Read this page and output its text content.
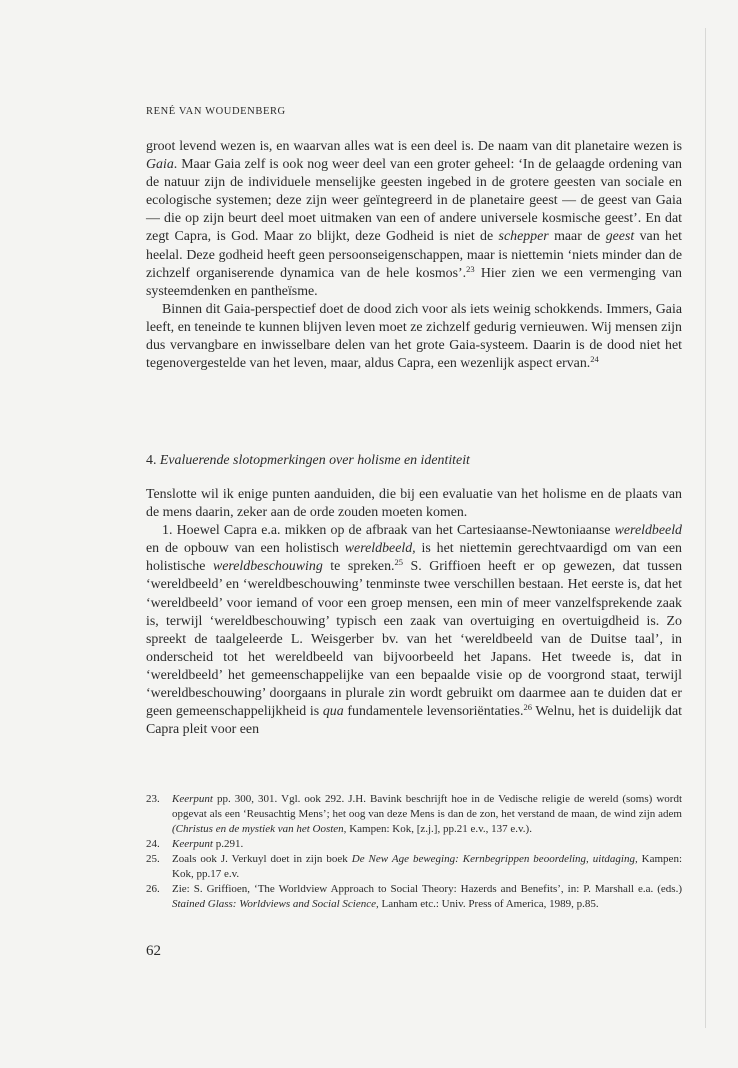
RENÉ VAN WOUDENBERG

groot levend wezen is, en waarvan alles wat is een deel is. De naam van dit planetaire wezen is Gaia. Maar Gaia zelf is ook nog weer deel van een groter geheel: ‘In de gelaagde ordening van de natuur zijn de individuele menselijke geesten ingebed in de grotere geesten van sociale en ecologische systemen; deze zijn weer geïntegreerd in de planetaire geest — de geest van Gaia — die op zijn beurt deel moet uitmaken van een of andere universele kosmische geest’. En dat zegt Capra, is God. Maar zo blijkt, deze Godheid is niet de schepper maar de geest van het heelal. Deze godheid heeft geen persoonseigenschappen, maar is niettemin ‘niets minder dan de zichzelf organiserende dynamica van de hele kosmos’.$^{23}$ Hier zien we een vermenging van systeemdenken en pantheïsme.

Binnen dit Gaia-perspectief doet de dood zich voor als iets weinig schokkends. Immers, Gaia leeft, en teneinde te kunnen blijven leven moet ze zichzelf gedurig vernieuwen. Wij mensen zijn dus vervangbare en inwisselbare delen van het grote Gaia-systeem. Daarin is de dood niet het tegenovergestelde van het leven, maar, aldus Capra, een wezenlijk aspect ervan.$^{24}$

4. Evaluerende slotopmerkingen over holisme en identiteit

Tenslotte wil ik enige punten aanduiden, die bij een evaluatie van het holisme en de plaats van de mens daarin, zeker aan de orde zouden moeten komen.

1. Hoewel Capra e.a. mikken op de afbraak van het Cartesiaanse-Newtoniaanse wereldbeeld en de opbouw van een holistisch wereldbeeld, is het niettemin gerechtvaardigd om van een holistische wereldbeschouwing te spreken.$^{25}$ S. Griffioen heeft er op gewezen, dat tussen ‘wereldbeeld’ en ‘wereldbeschouwing’ tenminste twee verschillen bestaan. Het eerste is, dat het ‘wereldbeeld’ voor iemand of voor een groep mensen, een min of meer vanzelfsprekende zaak is, terwijl ‘wereldbeschouwing’ typisch een zaak van overtuiging en overtuigdheid is. Zo spreekt de taalgeleerde L. Weisgerber bv. van het ‘wereldbeeld van de Duitse taal’, in onderscheid tot het wereldbeeld van bijvoorbeeld het Japans. Het tweede is, dat in ‘wereldbeeld’ het gemeenschappelijke van een bepaalde visie op de voorgrond staat, terwijl ‘wereldbeschouwing’ doorgaans in plurale zin wordt gebruikt om daarmee aan te duiden dat er geen gemeenschappelijkheid is qua fundamentele levensoriëntaties.$^{26}$ Welnu, het is duidelijk dat Capra pleit voor een

23.	Keerpunt pp. 300, 301. Vgl. ook 292. J.H. Bavink beschrijft hoe in de Vedische religie de wereld (soms) wordt opgevat als een ‘Reusachtig Mens’; het oog van deze Mens is dan de zon, het verstand de maan, de wind zijn adem (Christus en de mystiek van het Oosten, Kampen: Kok, [z.j.], pp.21 e.v., 137 e.v.).
24.	Keerpunt p.291.
25.	Zoals ook J. Verkuyl doet in zijn boek De New Age beweging: Kernbegrippen beoordeling, uitdaging, Kampen: Kok, pp.17 e.v.
26.	Zie: S. Griffioen, ‘The Worldview Approach to Social Theory: Hazerds and Benefits’, in: P. Marshall e.a. (eds.) Stained Glass: Worldviews and Social Science, Lanham etc.: Univ. Press of America, 1989, p.85.
62
